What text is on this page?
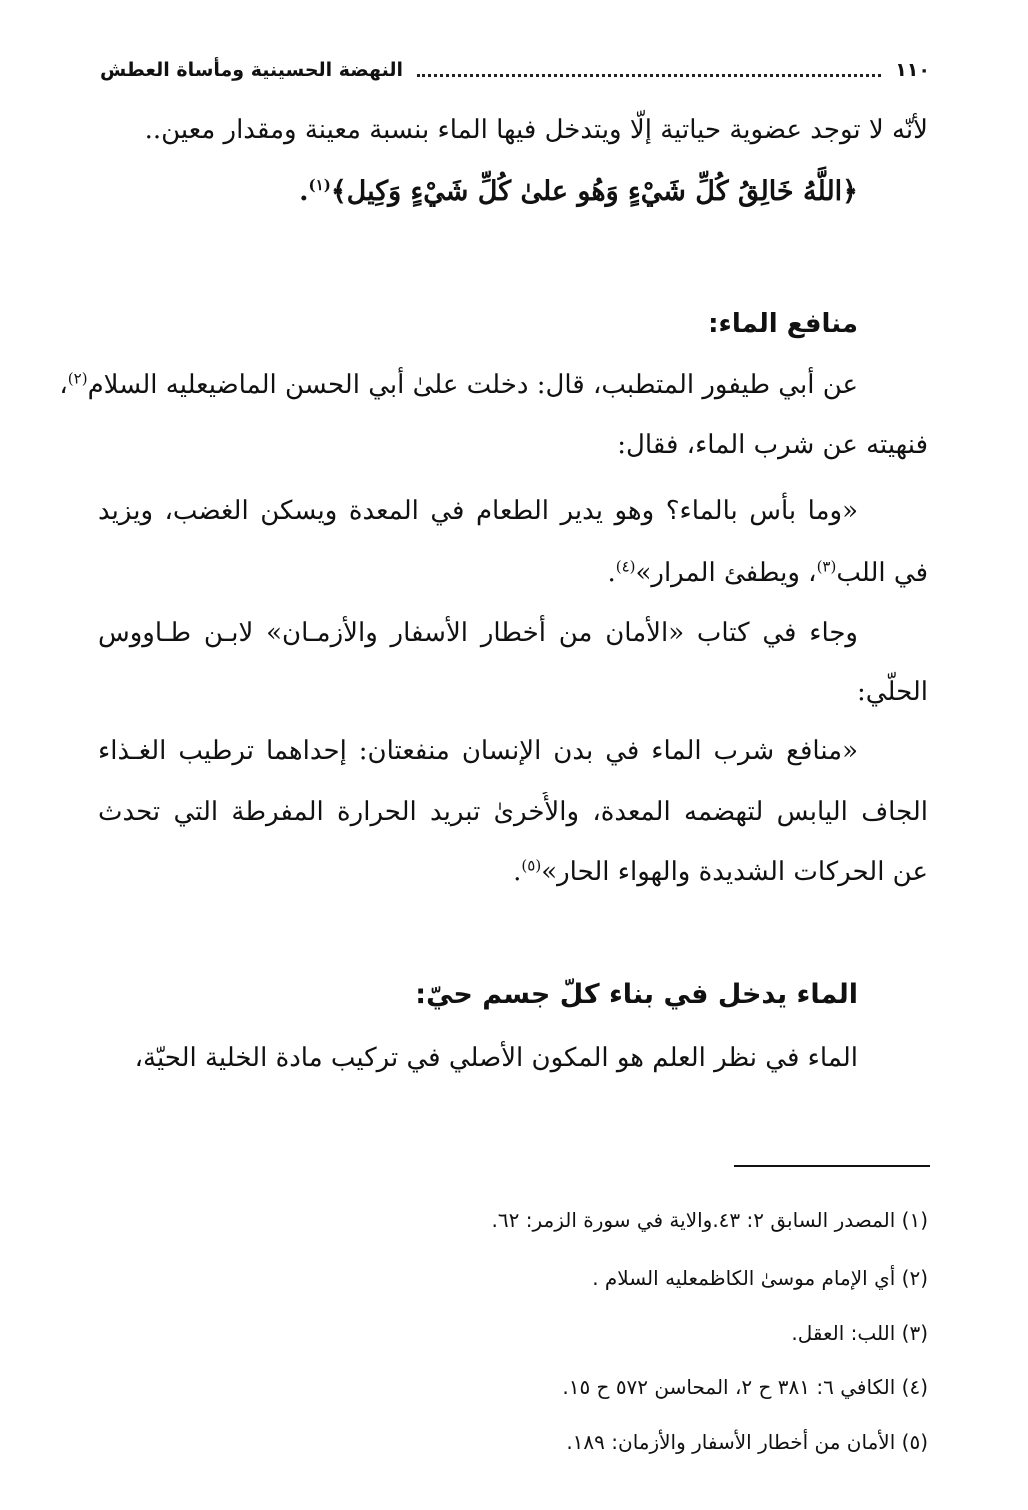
١١٠
النهضة الحسينية ومأساة العطش
لأنّه لا توجد عضوية حياتية إلّا ويتدخل فيها الماء بنسبة معينة ومقدار معين..
﴿اللَّهُ خَالِقُ كُلِّ شَيْءٍ وَهُو علىٰ كُلِّ شَيْءٍ وَكِيل﴾$^{(١)}$.
منافع الماء:
عن أبي طيفور المتطبب، قال: دخلت علىٰ أبي الحسن الماضيعليه السلام$^{(٢)}$،
فنهيته عن شرب الماء، فقال:
«وما بأس بالماء؟ وهو يدير الطعام في المعدة ويسكن الغضب، ويزيد
في اللب$^{(٣)}$، ويطفئ المرار»$^{(٤)}$.
وجاء في كتاب «الأمان من أخطار الأسفار والأزمـان» لابـن طـاووس
الحلّي:
«منافع شرب الماء في بدن الإنسان منفعتان: إحداهما ترطيب الغـذاء
الجاف اليابس لتهضمه المعدة، والأُخرىٰ تبريد الحرارة المفرطة التي تحدث
عن الحركات الشديدة والهواء الحار»$^{(٥)}$.
الماء يدخل في بناء كلّ جسم حيّ:
الماء في نظر العلم هو المكون الأصلي في تركيب مادة الخلية الحيّة،
(١) المصدر السابق ٢: ٤٣.والاية في سورة الزمر: ٦٢.
(٢) أي الإمام موسىٰ الكاظمعليه السلام .
(٣) اللب: العقل.
(٤) الكافي ٦: ٣٨١ ح ٢، المحاسن ٥٧٢ ح ١٥.
(٥) الأمان من أخطار الأسفار والأزمان: ١٨٩.
